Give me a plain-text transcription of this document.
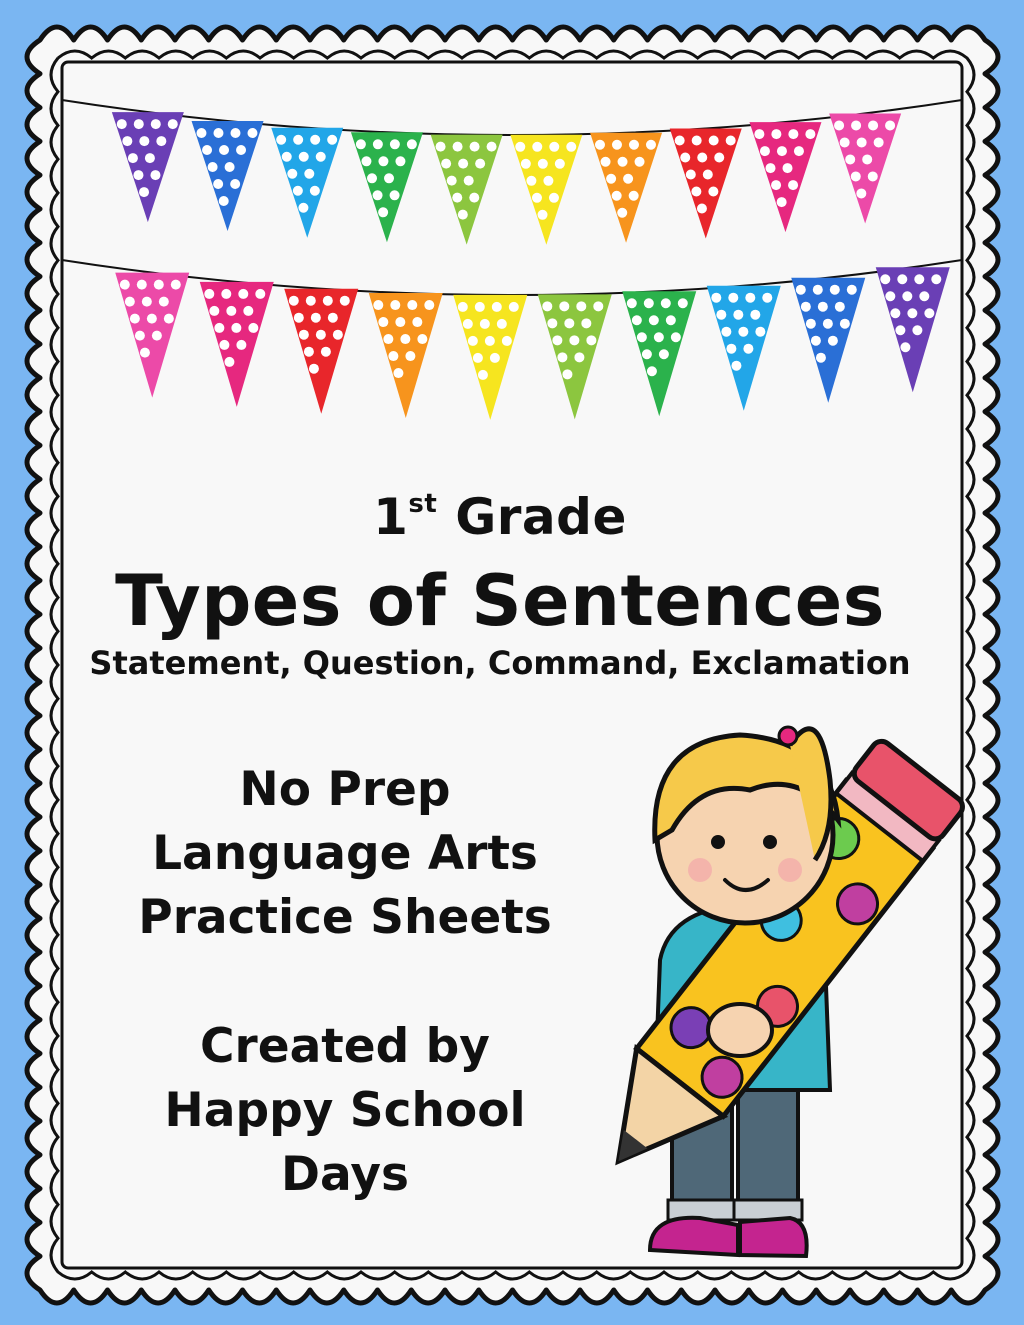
1st Grade
Types of Sentences
Statement, Question, Command, Exclamation
No Prep
Language Arts
Practice Sheets
Created by
Happy School
Days
